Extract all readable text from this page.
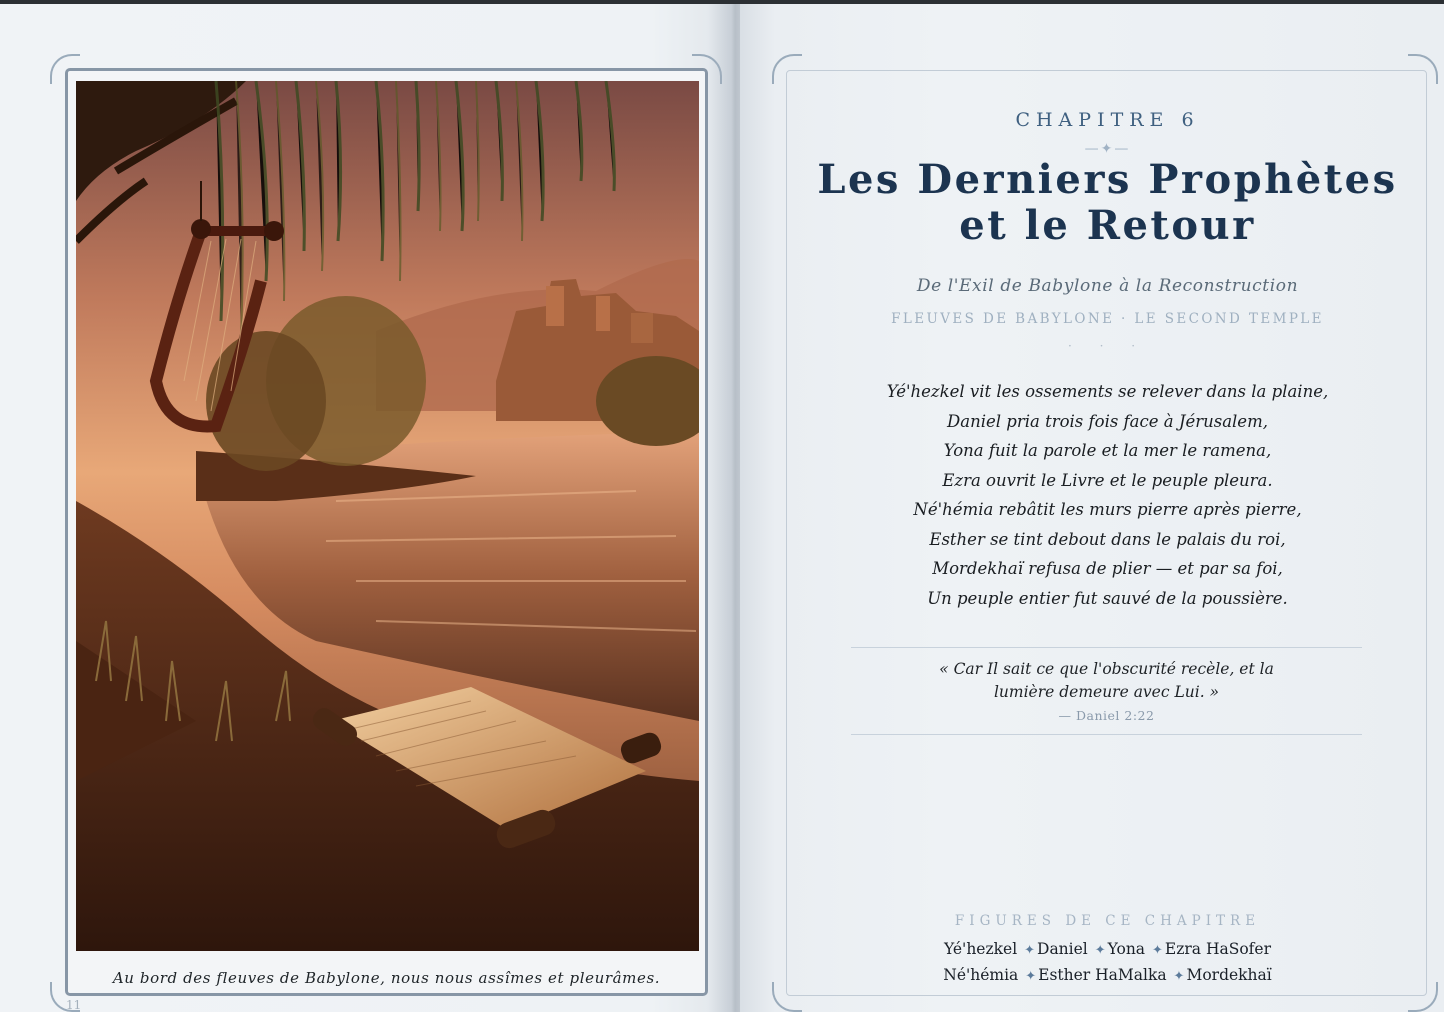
Au bord des fleuves de Babylone, nous nous assîmes et pleurâmes.
11
CHAPITRE 6
—✦—
Les Derniers Prophètes
et le Retour
De l'Exil de Babylone à la Reconstruction
FLEUVES DE BABYLONE · LE SECOND TEMPLE
· · ·
Yé'hezkel vit les ossements se relever dans la plaine,
Daniel pria trois fois face à Jérusalem,
Yona fuit la parole et la mer le ramena,
Ezra ouvrit le Livre et le peuple pleura.
Né'hémia rebâtit les murs pierre après pierre,
Esther se tint debout dans le palais du roi,
Mordekhaï refusa de plier — et par sa foi,
Un peuple entier fut sauvé de la poussière.
« Car Il sait ce que l'obscurité recèle, et la lumière demeure avec Lui. »
— Daniel 2:22
FIGURES DE CE CHAPITRE
Yé'hezkel ✦ Daniel ✦ Yona ✦ Ezra HaSofer
Né'hémia ✦ Esther HaMalka ✦ Mordekhaï
